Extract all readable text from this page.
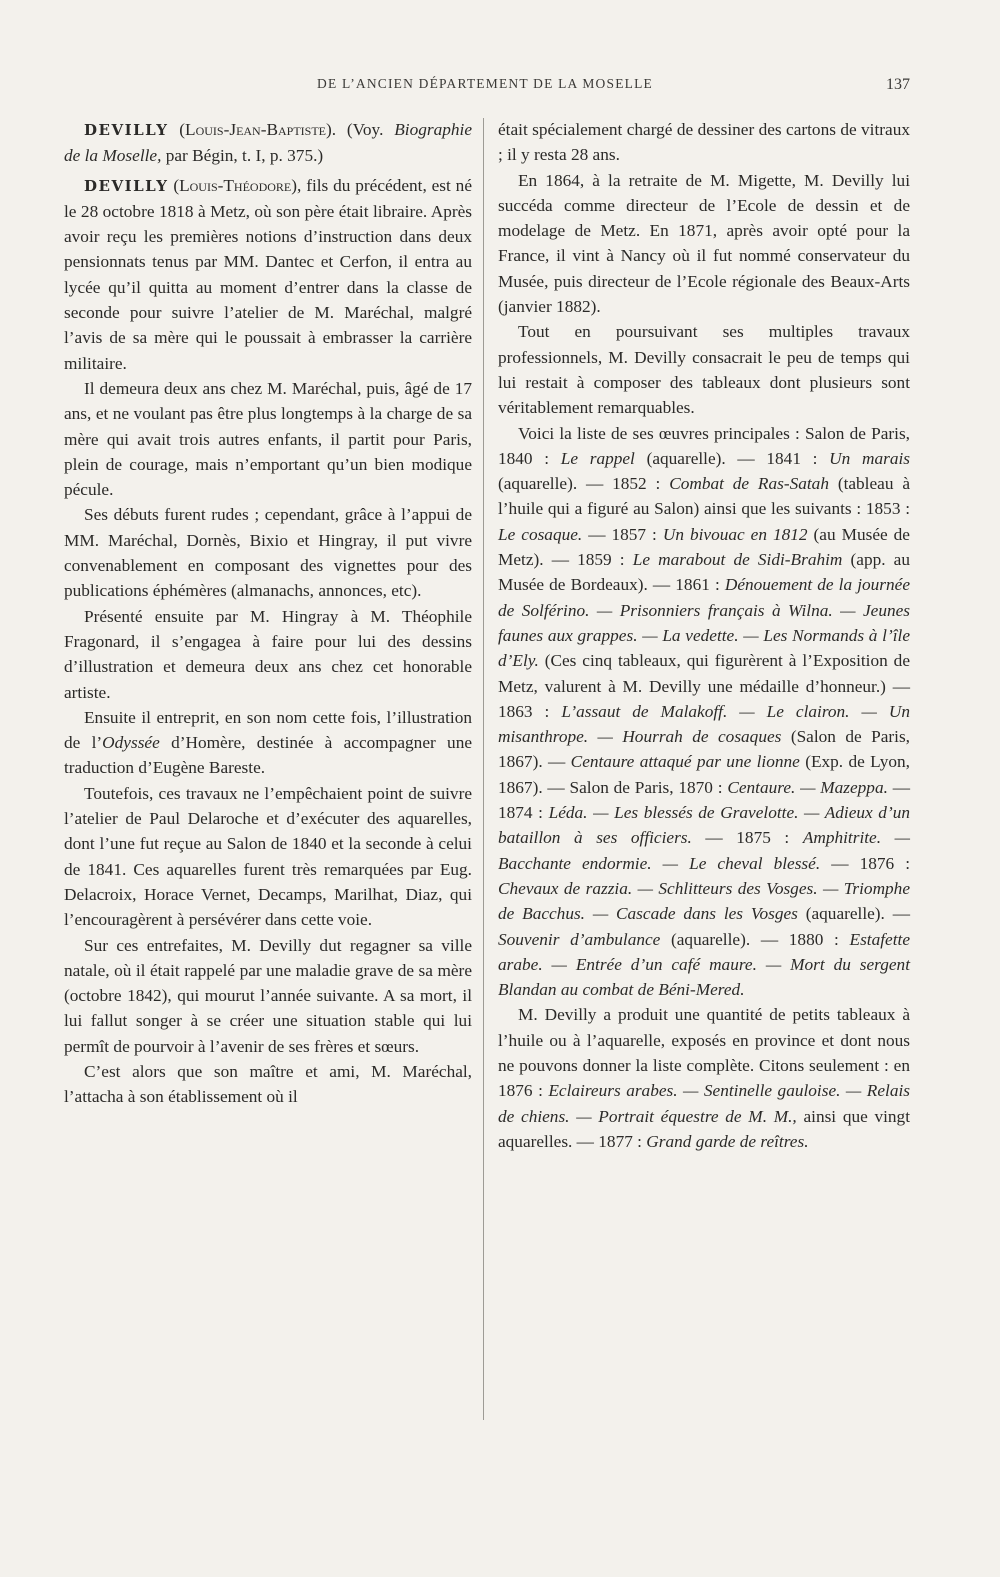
DE L’ANCIEN DÉPARTEMENT DE LA MOSELLE	137

DEVILLY (Louis-Jean-Baptiste). (Voy. Biographie de la Moselle, par Bégin, t. I, p. 375.)

DEVILLY (Louis-Théodore), fils du précédent, est né le 28 octobre 1818 à Metz, où son père était libraire. Après avoir reçu les premières notions d’instruction dans deux pensionnats tenus par MM. Dantec et Cerfon, il entra au lycée qu’il quitta au moment d’entrer dans la classe de seconde pour suivre l’atelier de M. Maréchal, malgré l’avis de sa mère qui le poussait à embrasser la carrière militaire.

Il demeura deux ans chez M. Maréchal, puis, âgé de 17 ans, et ne voulant pas être plus longtemps à la charge de sa mère qui avait trois autres enfants, il partit pour Paris, plein de courage, mais n’emportant qu’un bien modique pécule.

Ses débuts furent rudes ; cependant, grâce à l’appui de MM. Maréchal, Dornès, Bixio et Hingray, il put vivre convenablement en composant des vignettes pour des publications éphémères (almanachs, annonces, etc).

Présenté ensuite par M. Hingray à M. Théophile Fragonard, il s’engagea à faire pour lui des dessins d’illustration et demeura deux ans chez cet honorable artiste.

Ensuite il entreprit, en son nom cette fois, l’illustration de l’Odyssée d’Homère, destinée à accompagner une traduction d’Eugène Bareste.

Toutefois, ces travaux ne l’empêchaient point de suivre l’atelier de Paul Delaroche et d’exécuter des aquarelles, dont l’une fut reçue au Salon de 1840 et la seconde à celui de 1841. Ces aquarelles furent très remarquées par Eug. Delacroix, Horace Vernet, Decamps, Marilhat, Diaz, qui l’encouragèrent à persévérer dans cette voie.

Sur ces entrefaites, M. Devilly dut regagner sa ville natale, où il était rappelé par une maladie grave de sa mère (octobre 1842), qui mourut l’année suivante. A sa mort, il lui fallut songer à se créer une situation stable qui lui permît de pourvoir à l’avenir de ses frères et sœurs.

C’est alors que son maître et ami, M. Maréchal, l’attacha à son établissement où il

était spécialement chargé de dessiner des cartons de vitraux ; il y resta 28 ans.

En 1864, à la retraite de M. Migette, M. Devilly lui succéda comme directeur de l’Ecole de dessin et de modelage de Metz. En 1871, après avoir opté pour la France, il vint à Nancy où il fut nommé conservateur du Musée, puis directeur de l’Ecole régionale des Beaux-Arts (janvier 1882).

Tout en poursuivant ses multiples travaux professionnels, M. Devilly consacrait le peu de temps qui lui restait à composer des tableaux dont plusieurs sont véritablement remarquables.

Voici la liste de ses œuvres principales : Salon de Paris, 1840 : Le rappel (aquarelle). — 1841 : Un marais (aquarelle). — 1852 : Combat de Ras-Satah (tableau à l’huile qui a figuré au Salon) ainsi que les suivants : 1853 : Le cosaque. — 1857 : Un bivouac en 1812 (au Musée de Metz). — 1859 : Le marabout de Sidi-Brahim (app. au Musée de Bordeaux). — 1861 : Dénouement de la journée de Solférino. — Prisonniers français à Wilna. — Jeunes faunes aux grappes. — La vedette. — Les Normands à l’île d’Ely. (Ces cinq tableaux, qui figurèrent à l’Exposition de Metz, valurent à M. Devilly une médaille d’honneur.) — 1863 : L’assaut de Malakoff. — Le clairon. — Un misanthrope. — Hourrah de cosaques (Salon de Paris, 1867). — Centaure attaqué par une lionne (Exp. de Lyon, 1867). — Salon de Paris, 1870 : Centaure. — Mazeppa. — 1874 : Léda. — Les blessés de Gravelotte. — Adieux d’un bataillon à ses officiers. — 1875 : Amphitrite. — Bacchante endormie. — Le cheval blessé. — 1876 : Chevaux de razzia. — Schlitteurs des Vosges. — Triomphe de Bacchus. — Cascade dans les Vosges (aquarelle). — Souvenir d’ambulance (aquarelle). — 1880 : Estafette arabe. — Entrée d’un café maure. — Mort du sergent Blandan au combat de Béni-Mered.

M. Devilly a produit une quantité de petits tableaux à l’huile ou à l’aquarelle, exposés en province et dont nous ne pouvons donner la liste complète. Citons seulement : en 1876 : Eclaireurs arabes. — Sentinelle gauloise. — Relais de chiens. — Portrait équestre de M. M., ainsi que vingt aquarelles. — 1877 : Grand garde de reîtres.
